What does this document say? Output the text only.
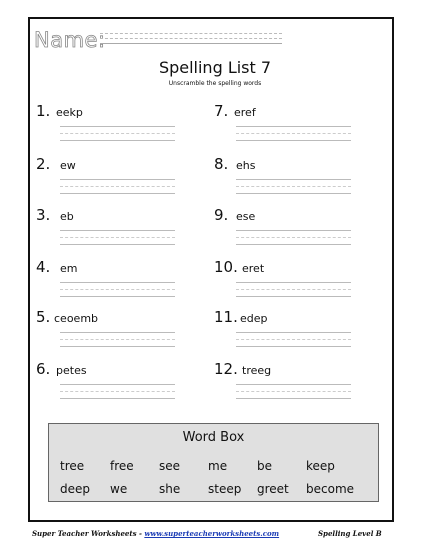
Name:
Spelling List 7
Unscramble the spelling words
1. eekp
2. ew
3. eb
4. em
5. ceoemb
6. petes
7. eref
8. ehs
9. ese
10. eret
11. edep
12. treeg
Word Box
tree free see me be	keep
deep we	she steep greet become
Super Teacher Worksheets - www.superteacherworksheets.com	Spelling Level B
